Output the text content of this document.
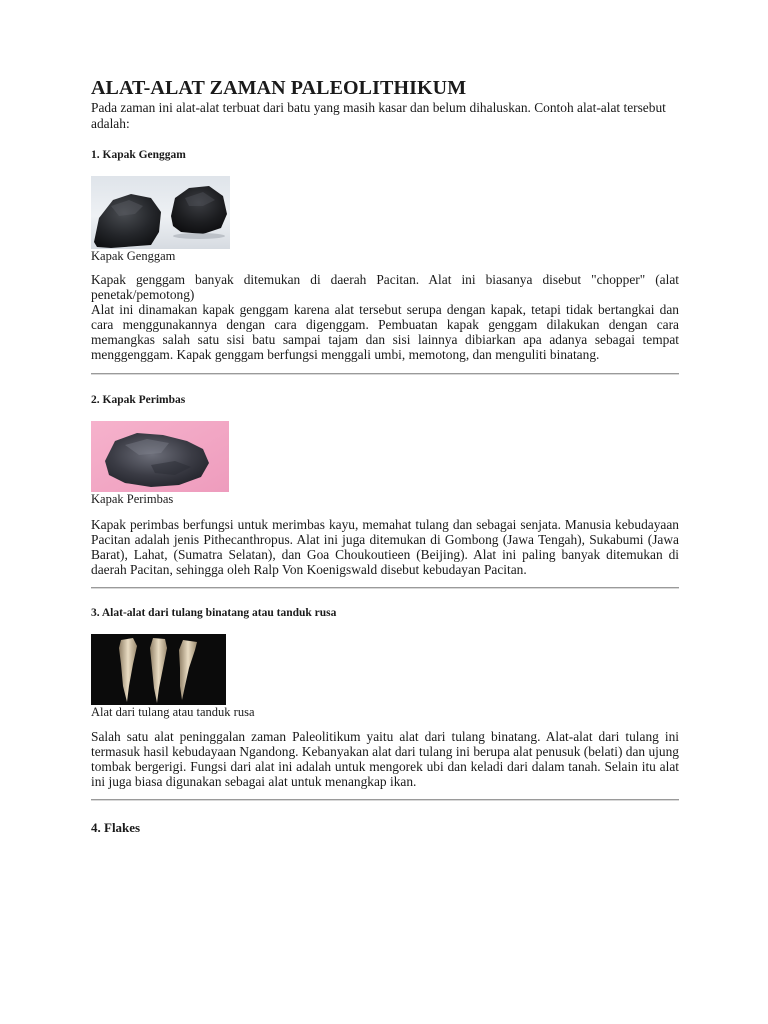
ALAT-ALAT ZAMAN PALEOLITHIKUM

Pada zaman ini alat-alat terbuat dari batu yang masih kasar dan belum dihaluskan. Contoh alat-alat tersebut adalah:

1. Kapak Genggam

Kapak Genggam

Kapak genggam banyak ditemukan di daerah Pacitan. Alat ini biasanya disebut "chopper" (alat penetak/pemotong)

Alat ini dinamakan kapak genggam karena alat tersebut serupa dengan kapak, tetapi tidak bertangkai dan cara menggunakannya dengan cara digenggam. Pembuatan kapak genggam dilakukan dengan cara memangkas salah satu sisi batu sampai tajam dan sisi lainnya dibiarkan apa adanya sebagai tempat menggenggam. Kapak genggam berfungsi menggali umbi, memotong, dan menguliti binatang.

2. Kapak Perimbas

Kapak Perimbas

Kapak perimbas berfungsi untuk merimbas kayu, memahat tulang dan sebagai senjata. Manusia kebudayaan Pacitan adalah jenis Pithecanthropus. Alat ini juga ditemukan di Gombong (Jawa Tengah), Sukabumi (Jawa Barat), Lahat, (Sumatra Selatan), dan Goa Choukoutieen (Beijing). Alat ini paling banyak ditemukan di daerah Pacitan, sehingga oleh Ralp Von Koenigswald disebut kebudayan Pacitan.

3. Alat-alat dari tulang binatang atau tanduk rusa

Alat dari tulang atau tanduk rusa

Salah satu alat peninggalan zaman Paleolitikum yaitu alat dari tulang binatang. Alat-alat dari tulang ini termasuk hasil kebudayaan Ngandong. Kebanyakan alat dari tulang ini berupa alat penusuk (belati) dan ujung tombak bergerigi. Fungsi dari alat ini adalah untuk mengorek ubi dan keladi dari dalam tanah. Selain itu alat ini juga biasa digunakan sebagai alat untuk menangkap ikan.

4. Flakes
